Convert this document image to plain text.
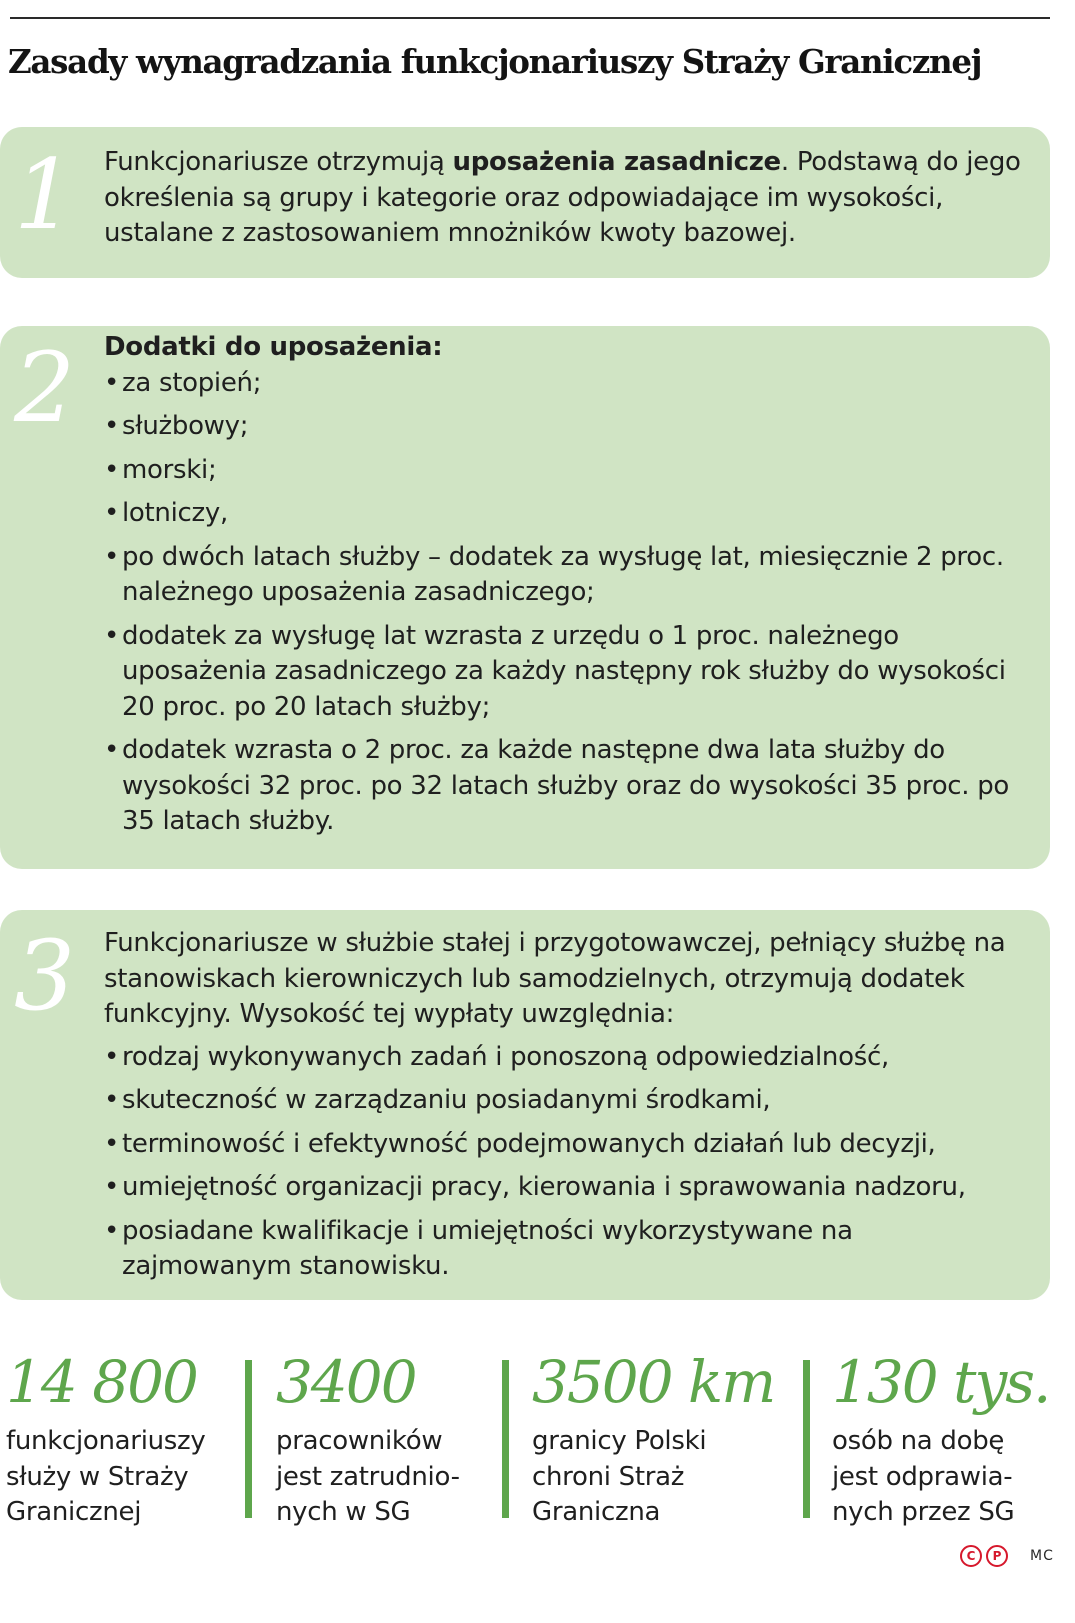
Zasady wynagradzania funkcjonariuszy Straży Granicznej
1 Funkcjonariusze otrzymują uposażenia zasadnicze. Podstawą do jego określenia są grupy i kategorie oraz odpowiadające im wysokości, ustalane z zastosowaniem mnożników kwoty bazowej.

2 Dodatki do uposażenia:

• za stopień;
• służbowy;
• morski;
• lotniczy,
• po dwóch latach służby – dodatek za wysługę lat, miesięcznie 2 proc. należnego uposażenia zasadniczego;
• dodatek za wysługę lat wzrasta z urzędu o 1 proc. należnego uposażenia zasadniczego za każdy następny rok służby do wysokości 20 proc. po 20 latach służby;
• dodatek wzrasta o 2 proc. za każde następne dwa lata służby do wysokości 32 proc. po 32 latach służby oraz do wysokości 35 proc. po 35 latach służby.
3 Funkcjonariusze w służbie stałej i przygotowawczej, pełniący służbę na stanowiskach kierowniczych lub samodzielnych, otrzymują dodatek funkcyjny. Wysokość tej wypłaty uwzględnia:

• rodzaj wykonywanych zadań i ponoszoną odpowiedzialność,
• skuteczność w zarządzaniu posiadanymi środkami,
• terminowość i efektywność podejmowanych działań lub decyzji,
• umiejętność organizacji pracy, kierowania i sprawowania nadzoru,
• posiadane kwalifikacje i umiejętności wykorzystywane na zajmowanym stanowisku.
14 800
funkcjonariuszy
służy w Straży
Granicznej
3400
pracowników
jest zatrudnio-
nych w SG
3500 km
granicy Polski
chroni Straż
Graniczna
130 tys.
osób na dobę
jest odprawia-
nych przez SG
C	P	MC
